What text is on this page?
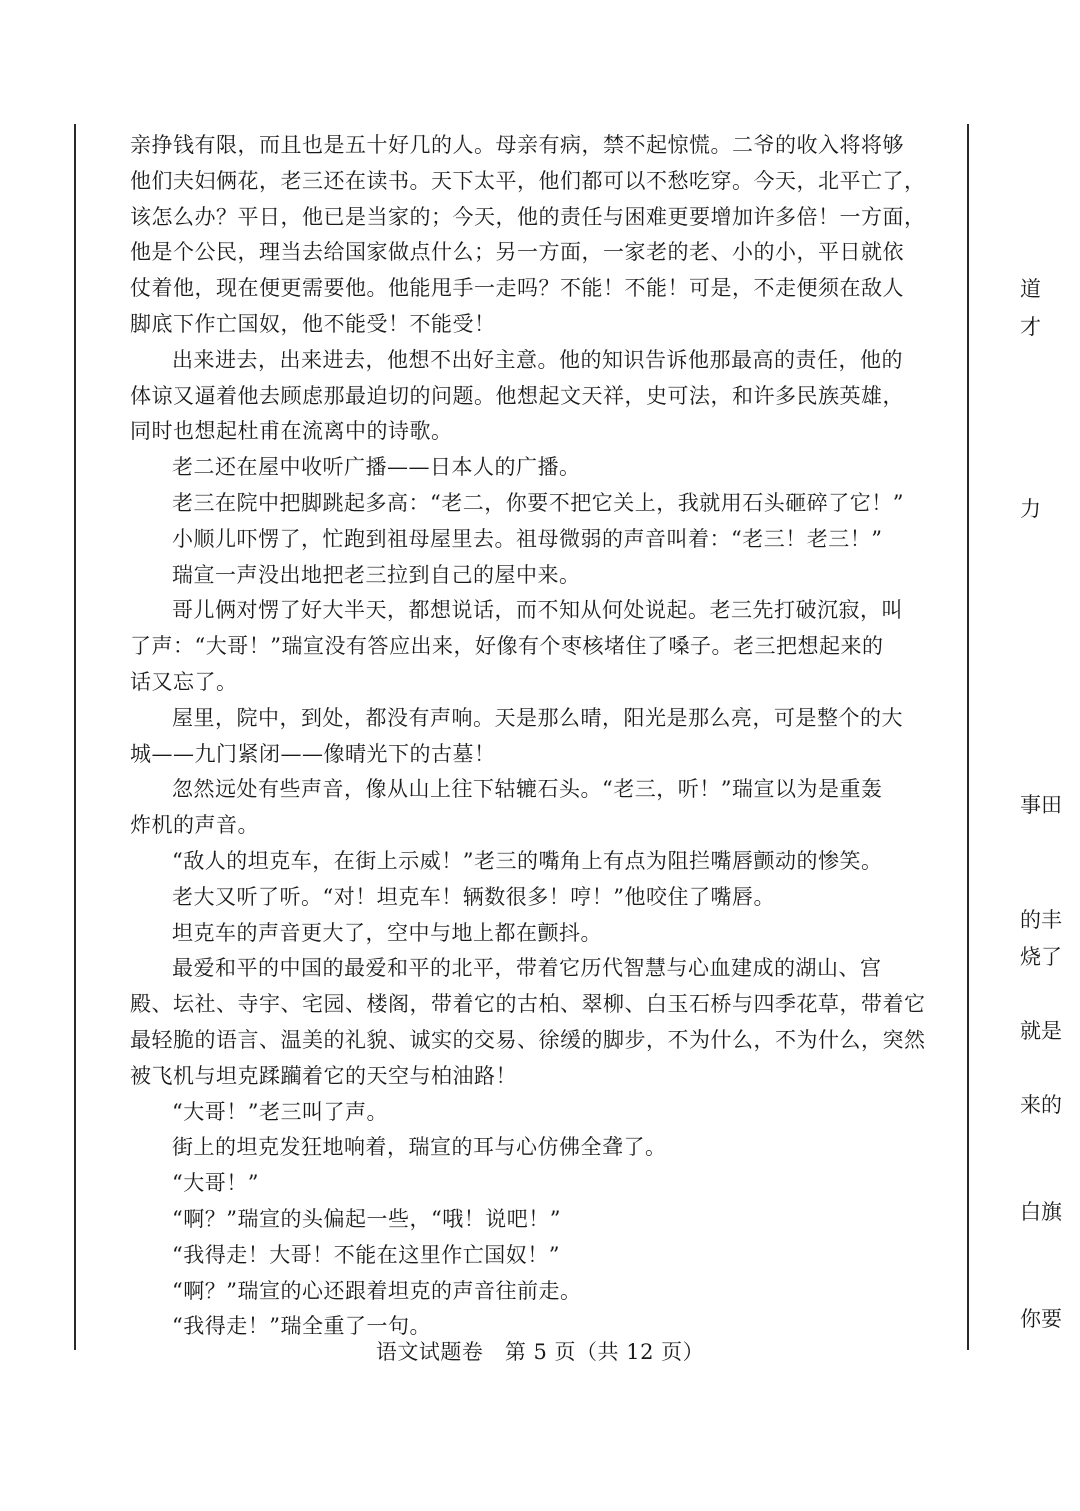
亲挣钱有限，而且也是五十好几的人。母亲有病，禁不起惊慌。二爷的收入将将够
他们夫妇俩花，老三还在读书。天下太平，他们都可以不愁吃穿。今天，北平亡了，
该怎么办？平日，他已是当家的；今天，他的责任与困难更要增加许多倍！一方面，
他是个公民，理当去给国家做点什么；另一方面，一家老的老、小的小，平日就依
仗着他，现在便更需要他。他能甩手一走吗？不能！不能！可是，不走便须在敌人
脚底下作亡国奴，他不能受！不能受！
出来进去，出来进去，他想不出好主意。他的知识告诉他那最高的责任，他的
体谅又逼着他去顾虑那最迫切的问题。他想起文天祥，史可法，和许多民族英雄，
同时也想起杜甫在流离中的诗歌。
老二还在屋中收听广播——日本人的广播。
老三在院中把脚跳起多高：“老二，你要不把它关上，我就用石头砸碎了它！”
小顺儿吓愣了，忙跑到祖母屋里去。祖母微弱的声音叫着：“老三！老三！”
瑞宣一声没出地把老三拉到自己的屋中来。
哥儿俩对愣了好大半天，都想说话，而不知从何处说起。老三先打破沉寂，叫
了声：“大哥！”瑞宣没有答应出来，好像有个枣核堵住了嗓子。老三把想起来的
话又忘了。
屋里，院中，到处，都没有声响。天是那么晴，阳光是那么亮，可是整个的大
城——九门紧闭——像晴光下的古墓！
忽然远处有些声音，像从山上往下轱辘石头。“老三，听！”瑞宣以为是重轰
炸机的声音。
“敌人的坦克车，在街上示威！”老三的嘴角上有点为阻拦嘴唇颤动的惨笑。
老大又听了听。“对！坦克车！辆数很多！哼！”他咬住了嘴唇。
坦克车的声音更大了，空中与地上都在颤抖。
最爱和平的中国的最爱和平的北平，带着它历代智慧与心血建成的湖山、宫
殿、坛社、寺宇、宅园、楼阁，带着它的古柏、翠柳、白玉石桥与四季花草，带着它
最轻脆的语言、温美的礼貌、诚实的交易、徐缓的脚步，不为什么，不为什么，突然
被飞机与坦克蹂躏着它的天空与柏油路！
“大哥！”老三叫了声。
街上的坦克发狂地响着，瑞宣的耳与心仿佛全聋了。
“大哥！”
“啊？”瑞宣的头偏起一些，“哦！说吧！”
“我得走！大哥！不能在这里作亡国奴！”
“啊？”瑞宣的心还跟着坦克的声音往前走。
“我得走！”瑞全重了一句。
道
才
力
事田
的丰
烧了
就是
来的
白旗
你要
语文试题卷　第 5 页（共 12 页）
